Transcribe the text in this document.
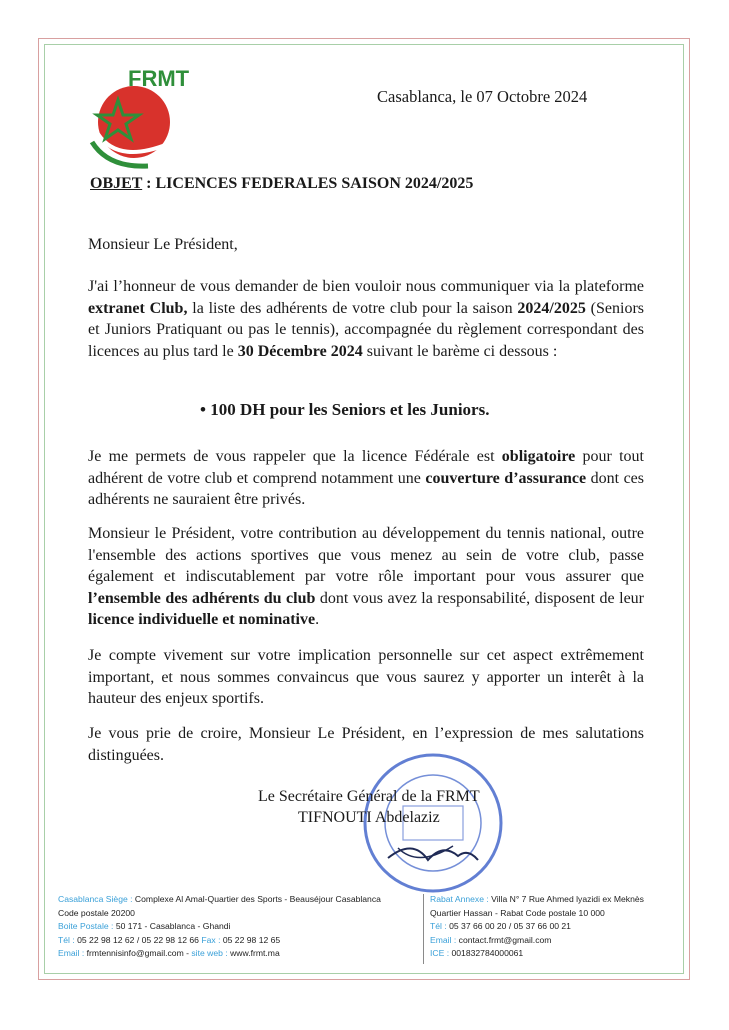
FRMT
Casablanca, le 07 Octobre 2024
OBJET : LICENCES FEDERALES SAISON 2024/2025
Monsieur Le Président,
J'ai l’honneur de vous demander de bien vouloir nous communiquer via la plateforme extranet Club, la liste des adhérents de votre club pour la saison 2024/2025 (Seniors et Juniors Pratiquant ou pas le tennis), accompagnée du règlement correspondant des licences au plus tard le 30 Décembre 2024 suivant le barème ci dessous :
• 100 DH pour les Seniors et les Juniors.
Je me permets de vous rappeler que la licence Fédérale est obligatoire pour tout adhérent de votre club et comprend notamment une couverture d’assurance dont ces adhérents ne sauraient être privés.
Monsieur le Président, votre contribution au développement du tennis national, outre l'ensemble des actions sportives que vous menez au sein de votre club, passe également et indiscutablement par votre rôle important pour vous assurer que l’ensemble des adhérents du club dont vous avez la responsabilité, disposent de leur licence individuelle et nominative.
Je compte vivement sur votre implication personnelle sur cet aspect extrêmement important, et nous sommes convaincus que vous saurez y apporter un interêt à la hauteur des enjeux sportifs.
Je vous prie de croire, Monsieur Le Président, en l’expression de mes salutations distinguées.
Le Secrétaire Général de la FRMT
TIFNOUTI Abdelaziz
Casablanca Siège : Complexe Al Amal-Quartier des Sports - Beauséjour Casablanca
Code postale 20200
Boite Postale : 50 171 - Casablanca - Ghandi
Tél : 05 22 98 12 62 / 05 22 98 12 66 Fax : 05 22 98 12 65
Email : frmtennisinfo@gmail.com - site web : www.frmt.ma
Rabat Annexe : Villa N° 7 Rue Ahmed lyazidi ex Meknès
Quartier Hassan - Rabat Code postale 10 000
Tél : 05 37 66 00 20 / 05 37 66 00 21
Email : contact.frmt@gmail.com
ICE : 001832784000061
